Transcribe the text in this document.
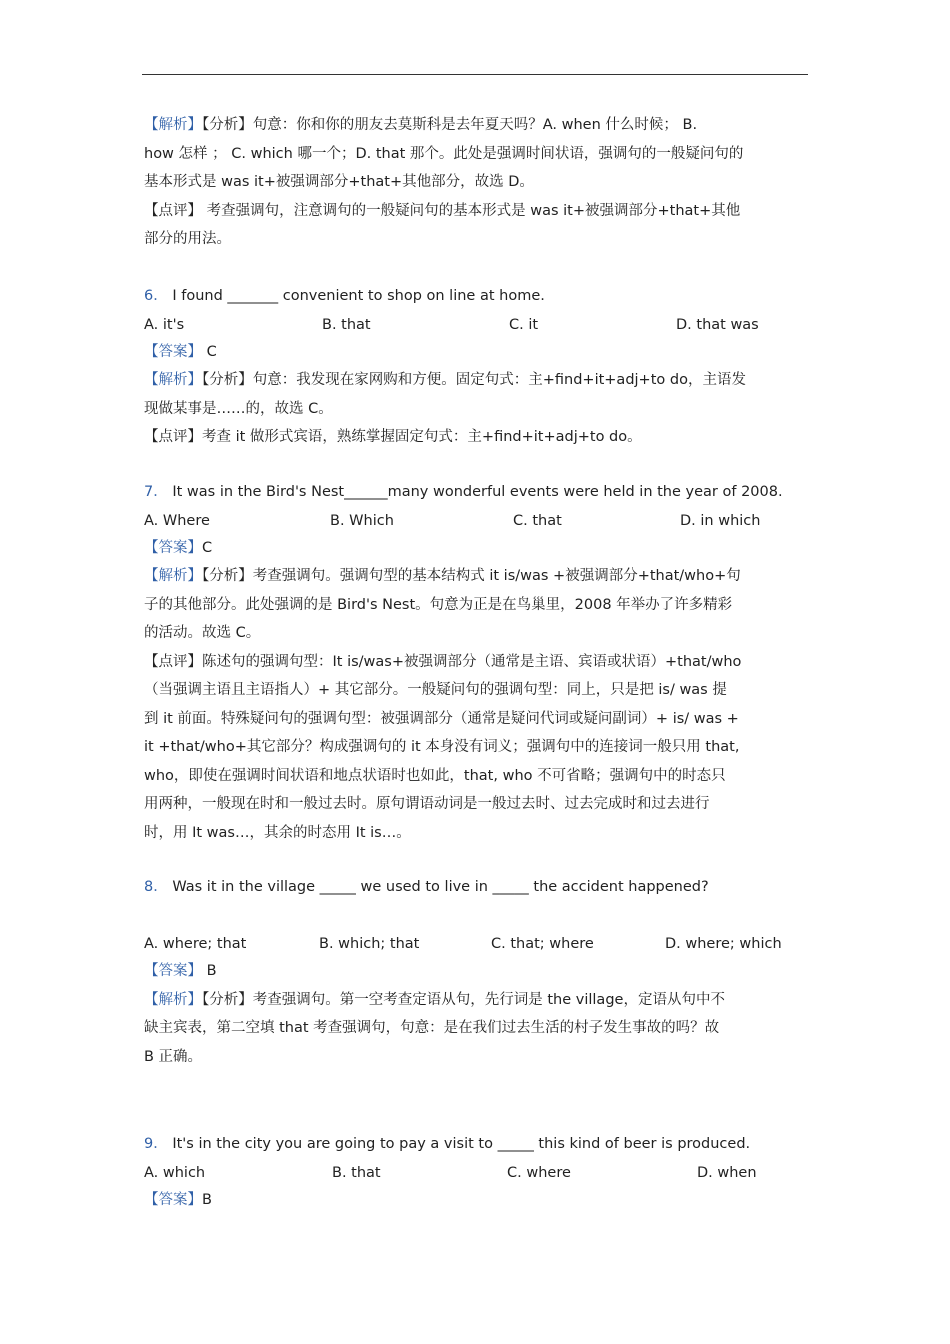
【解析】【分析】句意：你和你的朋友去莫斯科是去年夏天吗？A. when 什么时候； B.
how 怎样 ； C. which 哪一个；D. that 那个。此处是强调时间状语，强调句的一般疑问句的
基本形式是 was it+被强调部分+that+其他部分，故选 D。
【点评】 考查强调句，注意调句的一般疑问句的基本形式是 was it+被强调部分+that+其他
部分的用法。
6． I found _______ convenient to shop on line at home.
A. it's	B. that	C. it	D. that was
【答案】 C
【解析】【分析】句意：我发现在家网购和方便。固定句式：主+find+it+adj+to do，主语发
现做某事是……的，故选 C。
【点评】考查 it 做形式宾语，熟练掌握固定句式：主+find+it+adj+to do。
7． It was in the Bird's Nest______many wonderful events were held in the year of 2008.
A. Where	B. Which	C. that	D. in which
【答案】C
【解析】【分析】考查强调句。强调句型的基本结构式 it is/was +被强调部分+that/who+句
子的其他部分。此处强调的是 Bird's Nest。句意为正是在鸟巢里，2008 年举办了许多精彩
的活动。故选 C。
【点评】陈述句的强调句型：It is/was+被强调部分（通常是主语、宾语或状语）+that/who
（当强调主语且主语指人）+ 其它部分。一般疑问句的强调句型：同上，只是把 is/ was 提
到 it 前面。特殊疑问句的强调句型：被强调部分（通常是疑问代词或疑问副词）+ is/ was +
it +that/who+其它部分？构成强调句的 it 本身没有词义；强调句中的连接词一般只用 that,
who，即使在强调时间状语和地点状语时也如此，that, who 不可省略；强调句中的时态只
用两种，一般现在时和一般过去时。原句谓语动词是一般过去时、过去完成时和过去进行
时，用 It was…，其余的时态用 It is…。
8． Was it in the village _____ we used to live in _____ the accident happened?
A. where; that	B. which; that	C. that; where	D. where; which
【答案】 B
【解析】【分析】考查强调句。第一空考查定语从句，先行词是 the village，定语从句中不
缺主宾表，第二空填 that 考查强调句，句意：是在我们过去生活的村子发生事故的吗？故
B 正确。
9． It's in the city you are going to pay a visit to _____ this kind of beer is produced.
A. which	B. that	C. where	D. when
【答案】B
